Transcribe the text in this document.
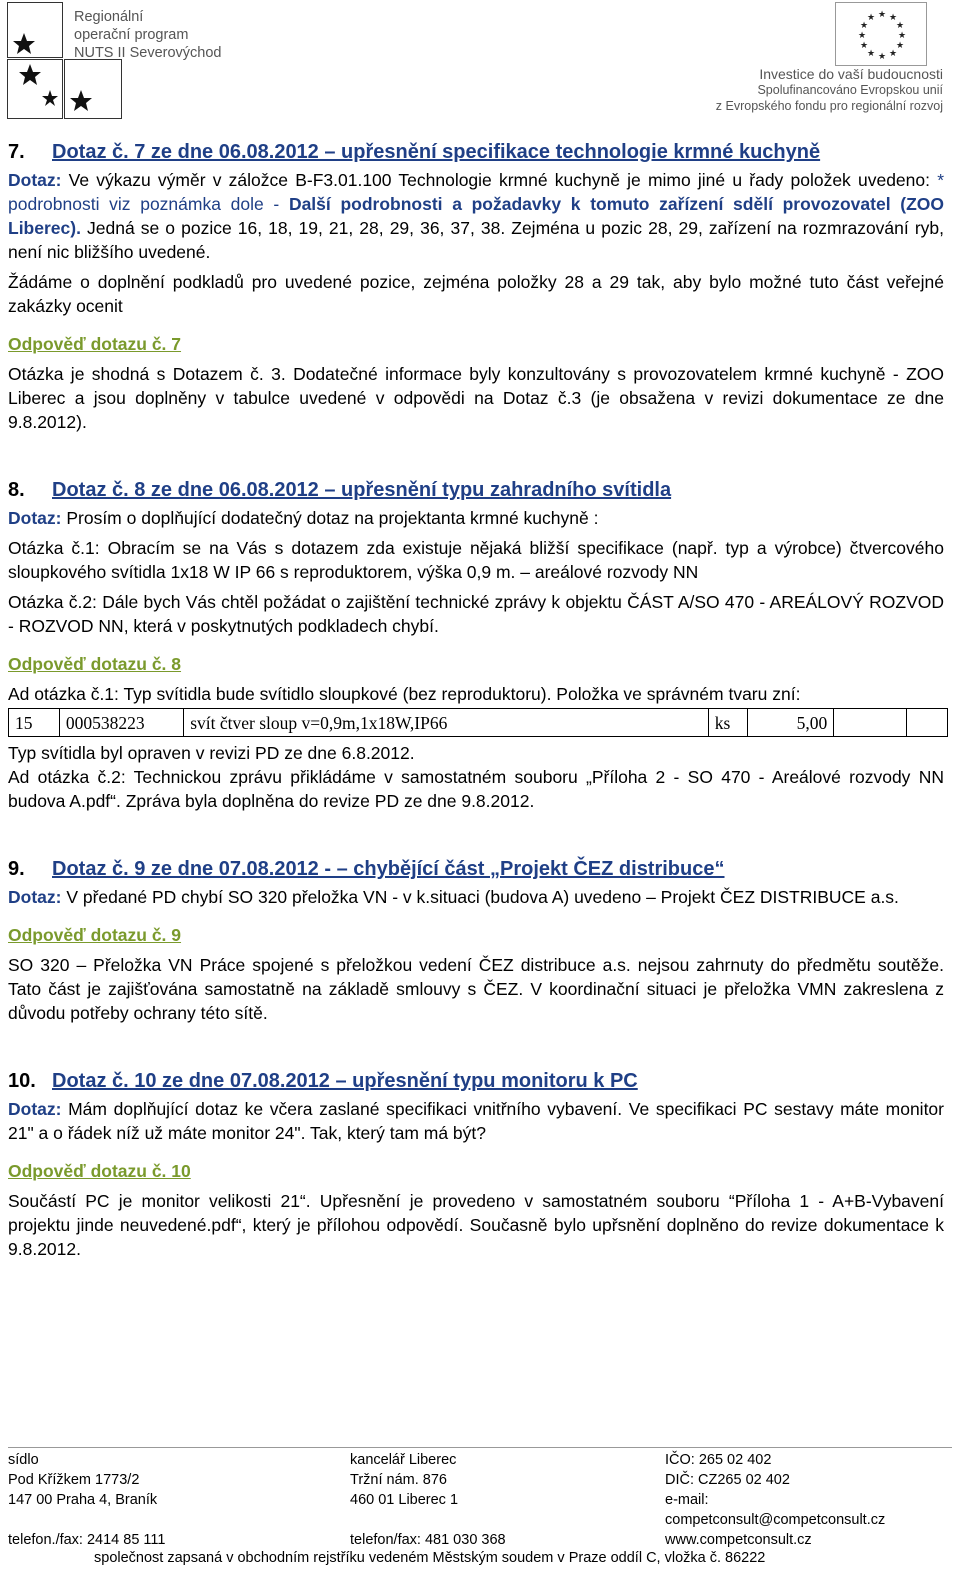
Regionální
operační program
NUTS II Severovýchod
★ ★
★
★
★
★
★
★
★
★
★
★
Investice do vaší budoucnosti
Spolufinancováno Evropskou unií
z Evropského fondu pro regionální rozvoj
7. Dotaz č. 7 ze dne 06.08.2012 – upřesnění specifikace technologie krmné kuchyně

Dotaz: Ve výkazu výměr v záložce B-F3.01.100 Technologie krmné kuchyně je mimo jiné u řady položek uvedeno: * podrobnosti viz poznámka dole - Další podrobnosti a požadavky k tomuto zařízení sdělí provozovatel (ZOO Liberec). Jedná se o pozice 16, 18, 19, 21, 28, 29, 36, 37, 38. Zejména u pozic 28, 29, zařízení na rozmrazování ryb, není nic bližšího uvedené.

Žádáme o doplnění podkladů pro uvedené pozice, zejména položky 28 a 29 tak, aby bylo možné tuto část veřejné zakázky ocenit

Odpověď dotazu č. 7

Otázka je shodná s Dotazem č. 3. Dodatečné informace byly konzultovány s provozovatelem krmné kuchyně - ZOO Liberec a jsou doplněny v tabulce uvedené v odpovědi na Dotaz č.3 (je obsažena v revizi dokumentace ze dne 9.8.2012).

8. Dotaz č. 8 ze dne 06.08.2012 – upřesnění typu zahradního svítidla

Dotaz: Prosím o doplňující dodatečný dotaz na projektanta krmné kuchyně :

Otázka č.1: Obracím se na Vás s dotazem zda existuje nějaká bližší specifikace (např. typ a výrobce) čtvercového sloupkového svítidla 1x18 W IP 66 s reproduktorem, výška 0,9 m. – areálové rozvody NN

Otázka č.2: Dále bych Vás chtěl požádat o zajištění technické zprávy k objektu ČÁST A/SO 470 - AREÁLOVÝ ROZVOD - ROZVOD NN, která v poskytnutých podkladech chybí.

Odpověď dotazu č. 8

Ad otázka č.1: Typ svítidla bude svítidlo sloupkové (bez reproduktoru). Položka ve správném tvaru zní:

15	000538223	svít čtver sloup v=0,9m,1x18W,IP66	ks	5,00		

Typ svítidla byl opraven v revizi PD ze dne 6.8.2012.

Ad otázka č.2: Technickou zprávu přikládáme v samostatném souboru „Příloha 2 - SO 470 - Areálové rozvody NN budova A.pdf“. Zpráva byla doplněna do revize PD ze dne 9.8.2012.

9. Dotaz č. 9 ze dne 07.08.2012 - – chybějící část „Projekt ČEZ distribuce“

Dotaz: V předané PD chybí SO 320 přeložka VN - v k.situaci (budova A) uvedeno – Projekt ČEZ DISTRIBUCE a.s.

Odpověď dotazu č. 9

SO 320 – Přeložka VN Práce spojené s přeložkou vedení ČEZ distribuce a.s. nejsou zahrnuty do předmětu soutěže. Tato část je zajišťována samostatně na základě smlouvy s ČEZ. V koordinační situaci je přeložka VMN zakreslena z důvodu potřeby ochrany této sítě.

10. Dotaz č. 10 ze dne 07.08.2012 – upřesnění typu monitoru k PC

Dotaz: Mám doplňující dotaz ke včera zaslané specifikaci vnitřního vybavení. Ve specifikaci PC sestavy máte monitor 21" a o řádek níž už máte monitor 24". Tak, který tam má být?

Odpověď dotazu č. 10

Součástí PC je monitor velikosti 21“. Upřesnění je provedeno v samostatném souboru “Příloha 1 - A+B-Vybavení projektu jinde neuvedené.pdf“, který je přílohou odpovědí. Současně bylo upřsnění doplněno do revize dokumentace k 9.8.2012.

sídlo
Pod Křížkem 1773/2
147 00 Praha 4, Braník
telefon./fax: 2414 85 111
kancelář Liberec
Tržní nám. 876
460 01 Liberec 1
telefon/fax: 481 030 368
IČO: 265 02 402
DIČ: CZ265 02 402
e-mail:
competconsult@competconsult.cz
www.competconsult.cz
společnost zapsaná v obchodním rejstříku vedeném Městským soudem v Praze oddíl C, vložka č. 86222
